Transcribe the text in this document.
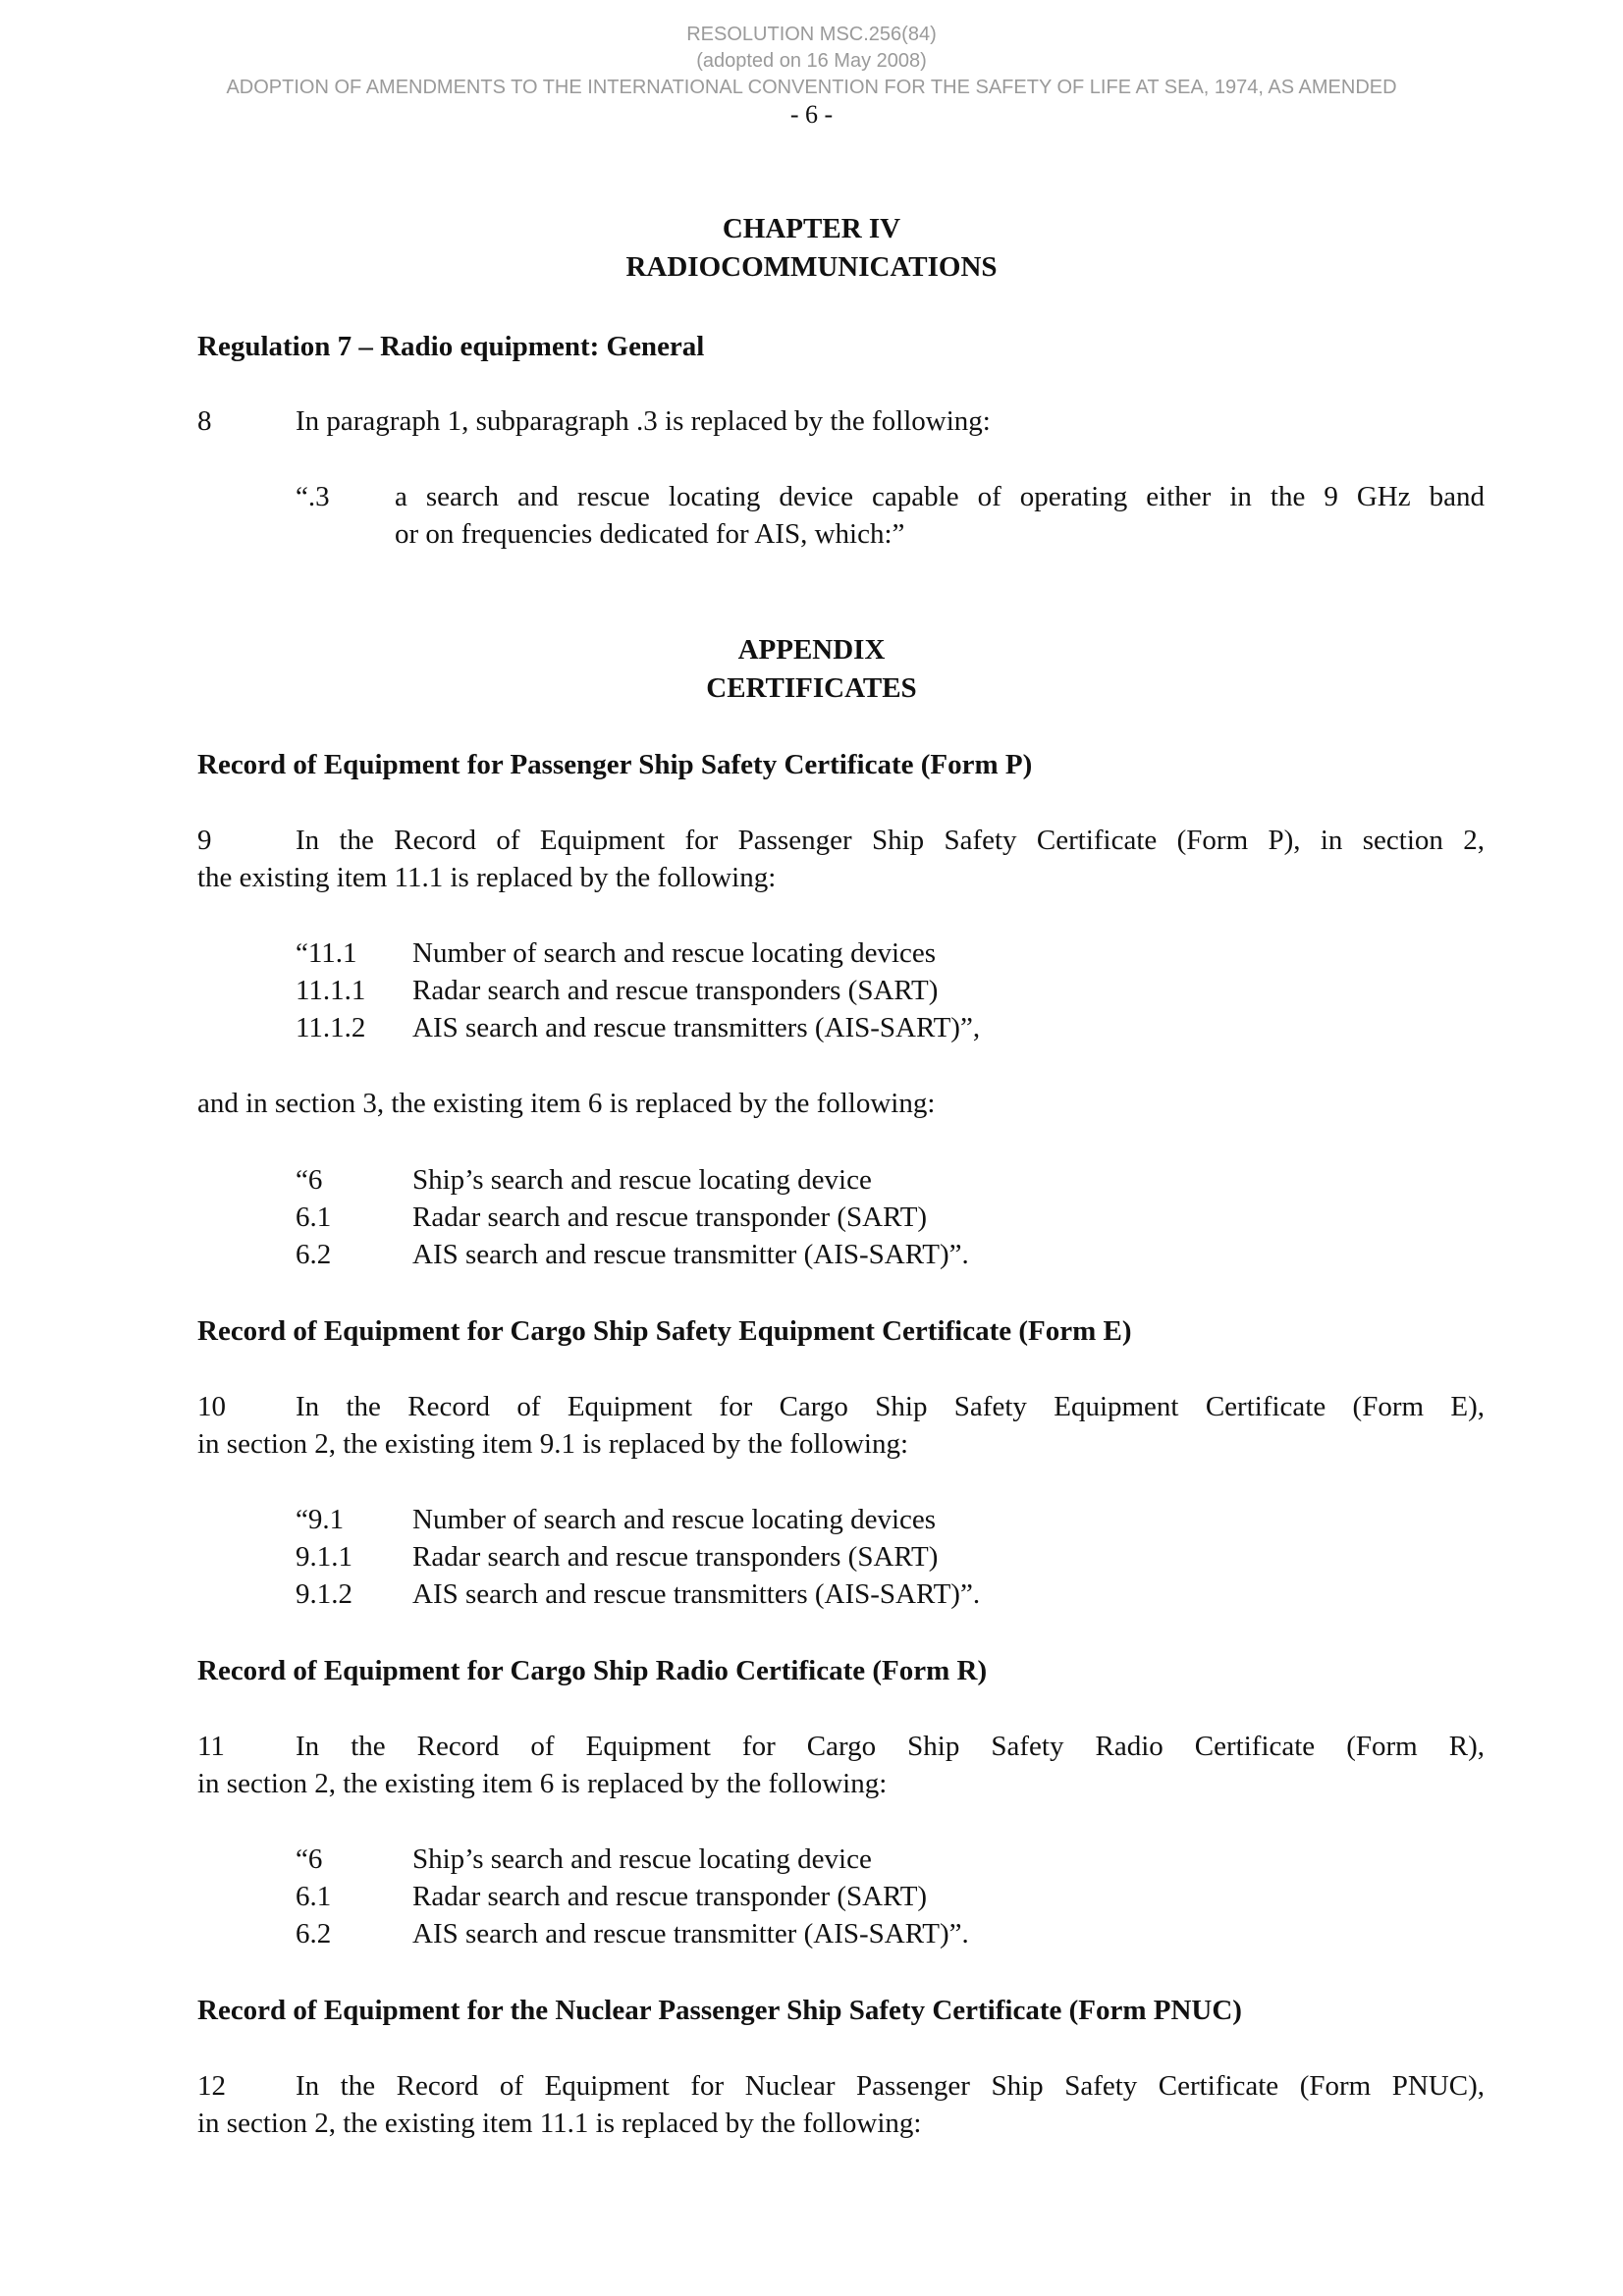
RESOLUTION MSC.256(84)
(adopted on 16 May 2008)
ADOPTION OF AMENDMENTS TO THE INTERNATIONAL CONVENTION FOR THE SAFETY OF LIFE AT SEA, 1974, AS AMENDED
- 6 -
CHAPTER IV
RADIOCOMMUNICATIONS
Regulation 7 – Radio equipment: General
8	In paragraph 1, subparagraph .3 is replaced by the following:
“.3 a search and rescue locating device capable of operating either in the 9 GHz band
or on frequencies dedicated for AIS, which:”
APPENDIX
CERTIFICATES
Record of Equipment for Passenger Ship Safety Certificate (Form P)
9	In the Record of Equipment for Passenger Ship Safety Certificate (Form P), in section 2,
the existing item 11.1 is replaced by the following:
“11.1 Number of search and rescue locating devices
11.1.1 Radar search and rescue transponders (SART)
11.1.2 AIS search and rescue transmitters (AIS-SART)”,
and in section 3, the existing item 6 is replaced by the following:
“6	Ship’s search and rescue locating device
6.1	Radar search and rescue transponder (SART)
6.2	AIS search and rescue transmitter (AIS-SART)”.
Record of Equipment for Cargo Ship Safety Equipment Certificate (Form E)
10 In the Record of Equipment for Cargo Ship Safety Equipment Certificate (Form E),
in section 2, the existing item 9.1 is replaced by the following:
“9.1 Number of search and rescue locating devices
9.1.1 Radar search and rescue transponders (SART)
9.1.2 AIS search and rescue transmitters (AIS-SART)”.
Record of Equipment for Cargo Ship Radio Certificate (Form R)
11 In the Record of Equipment for Cargo Ship Safety Radio Certificate (Form R),
in section 2, the existing item 6 is replaced by the following:
“6	Ship’s search and rescue locating device
6.1	Radar search and rescue transponder (SART)
6.2	AIS search and rescue transmitter (AIS-SART)”.
Record of Equipment for the Nuclear Passenger Ship Safety Certificate (Form PNUC)
12 In the Record of Equipment for Nuclear Passenger Ship Safety Certificate (Form PNUC),
in section 2, the existing item 11.1 is replaced by the following:
